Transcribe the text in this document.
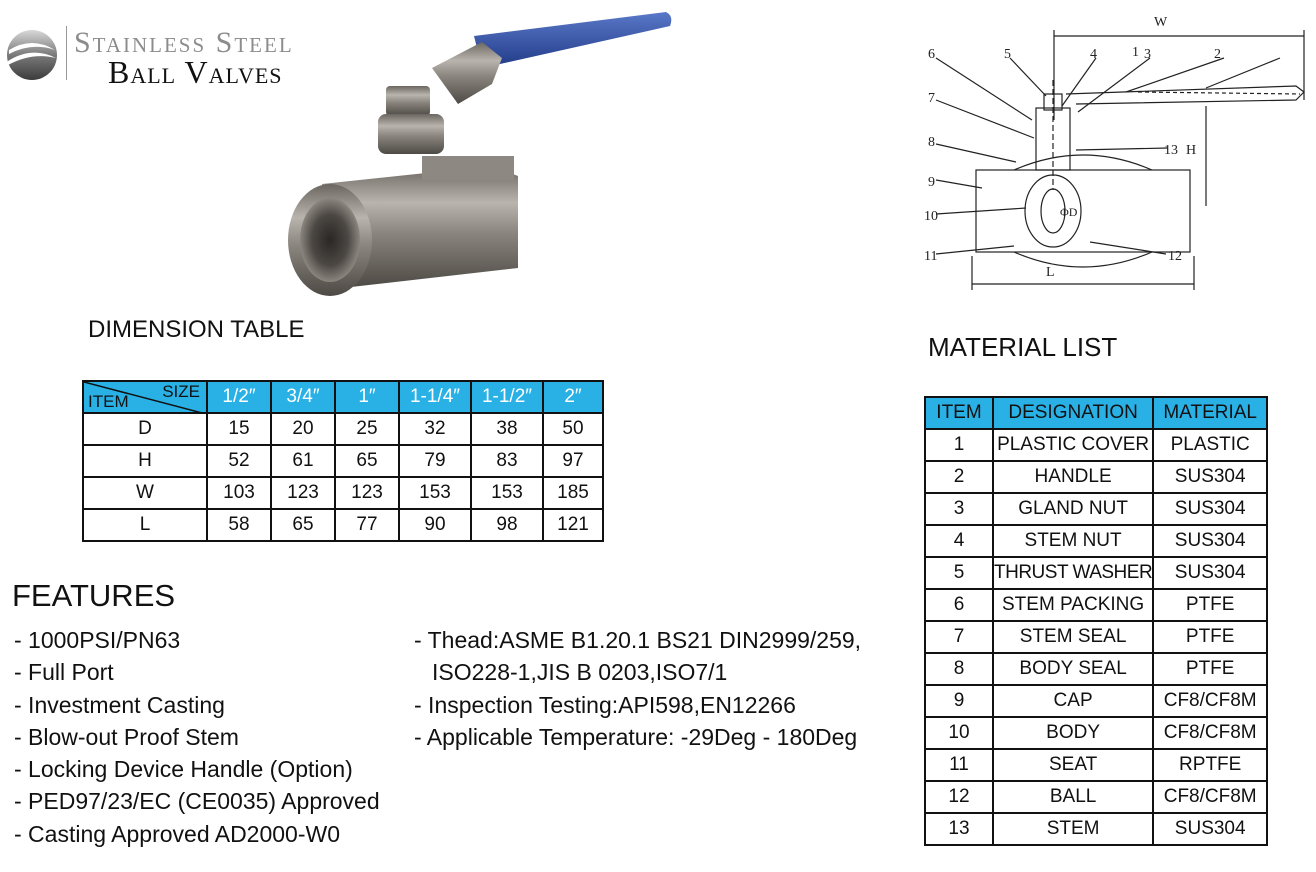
Stainless Steel
Ball Valves
1
W
2
3
4
5
6
7
8
9
10
11	12
13 H
L
ΦD
DIMENSION TABLE
SIZE
ITEM	1/2″	3/4″	1″	1-1/4″	1-1/2″	2″
D	15	20	25	32	38	50
H	52	61	65	79	83	97
W	103	123	123	153	153	185
L	58	65	77	90	98	121
MATERIAL LIST
ITEM	DESIGNATION	MATERIAL
1	PLASTIC COVER	PLASTIC
2	HANDLE	SUS304
3	GLAND NUT	SUS304
4	STEM NUT	SUS304
5	THRUST WASHER	SUS304
6	STEM PACKING	PTFE
7	STEM SEAL	PTFE
8	BODY SEAL	PTFE
9	CAP	CF8/CF8M
10	BODY	CF8/CF8M
11	SEAT	RPTFE
12	BALL	CF8/CF8M
13	STEM	SUS304
FEATURES
- 1000PSI/PN63
- Full Port
- Investment Casting
- Blow-out Proof Stem
- Locking Device Handle (Option)
- PED97/23/EC (CE0035) Approved
- Casting Approved AD2000-W0
- Thead:ASME B1.20.1 BS21 DIN2999/259,
ISO228-1,JIS B 0203,ISO7/1
- Inspection Testing:API598,EN12266
- Applicable Temperature: -29Deg - 180Deg
